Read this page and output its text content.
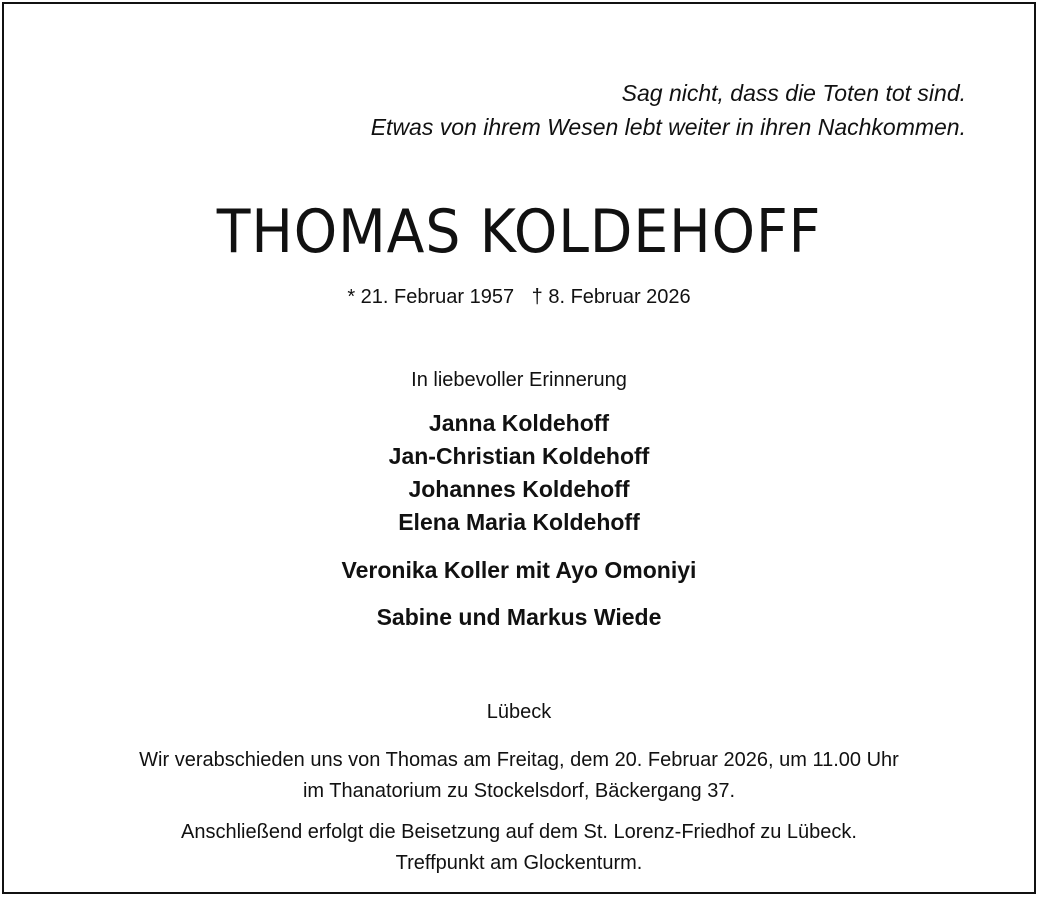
Sag nicht, dass die Toten tot sind.
Etwas von ihrem Wesen lebt weiter in ihren Nachkommen.
THOMAS KOLDEHOFF
* 21. Februar 1957 † 8. Februar 2026
In liebevoller Erinnerung
Janna Koldehoff
Jan-Christian Koldehoff
Johannes Koldehoff
Elena Maria Koldehoff
Veronika Koller mit Ayo Omoniyi
Sabine und Markus Wiede
Lübeck
Wir verabschieden uns von Thomas am Freitag, dem 20. Februar 2026, um 11.00 Uhr
im Thanatorium zu Stockelsdorf, Bäckergang 37.
Anschließend erfolgt die Beisetzung auf dem St. Lorenz-Friedhof zu Lübeck.
Treffpunkt am Glockenturm.
